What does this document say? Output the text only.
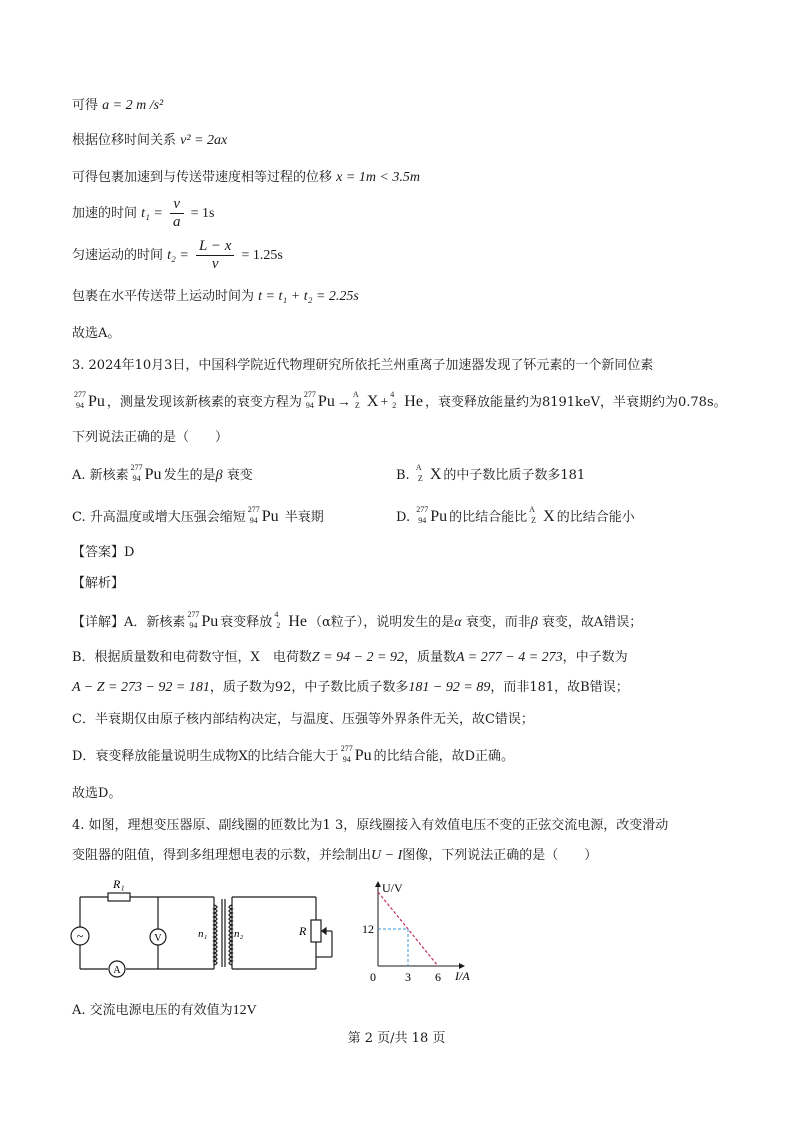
可得 a = 2 m /s²
根据位移时间关系 v² = 2ax
可得包裹加速到与传送带速度相等过程的位移 x = 1m < 3.5m
加速的时间 $t_1 = \frac{v}{a} = 1s$
匀速运动的时间 $t_2 = \frac{L - x}{v} = 1.25s$
包裹在水平传送带上运动时间为 t = t₁ + t₂ = 2.25s
故选A。
3. 2024年10月3日，中国科学院近代物理研究所依托兰州重离子加速器发现了钚元素的一个新同位素
277
94 Pu ，测量发现该新核素的衰变方程为
277
94 Pu →
A
Z X +
4
2 He ，衰变释放能量约为8191keV，半衰期约为0.78s。
下列说法正确的是（　　）
A. 新核素
277
94 Pu 发生的是β 衰变	B.
A
Z X 的中子数比质子数多181
C. 升高温度或增大压强会缩短
277
94 Pu 半衰期	D.
277
94 Pu 的比结合能比
A
Z X 的比结合能小
【答案】D
【解析】
【详解】A．新核素
277
94 Pu 衰变释放
4
2 He （α粒子），说明发生的是α 衰变，而非β 衰变，故A错误；
B．根据质量数和电荷数守恒，X　 电荷数Z = 94 − 2 = 92，质量数A = 277 − 4 = 273，中子数为
A − Z = 273 − 92 = 181，质子数为92，中子数比质子数多181 − 92 = 89，而非181，故B错误；
C．半衰期仅由原子核内部结构决定，与温度、压强等外界条件无关，故C错误；
D．衰变释放能量说明生成物X的比结合能大于
277
94 Pu 的比结合能，故D正确。
故选D。
4. 如图，理想变压器原、副线圈的匝数比为1 3，原线圈接入有效值电压不变的正弦交流电源，改变滑动
变阻器的阻值，得到多组理想电表的示数，并绘制出U − I图像，下列说法正确的是（　　）
~	V
A
R₁
n₁ n₂	R
U/V
I/A
0
12
3 6
A. 交流电源电压的有效值为12V
第 2 页/共 18 页
